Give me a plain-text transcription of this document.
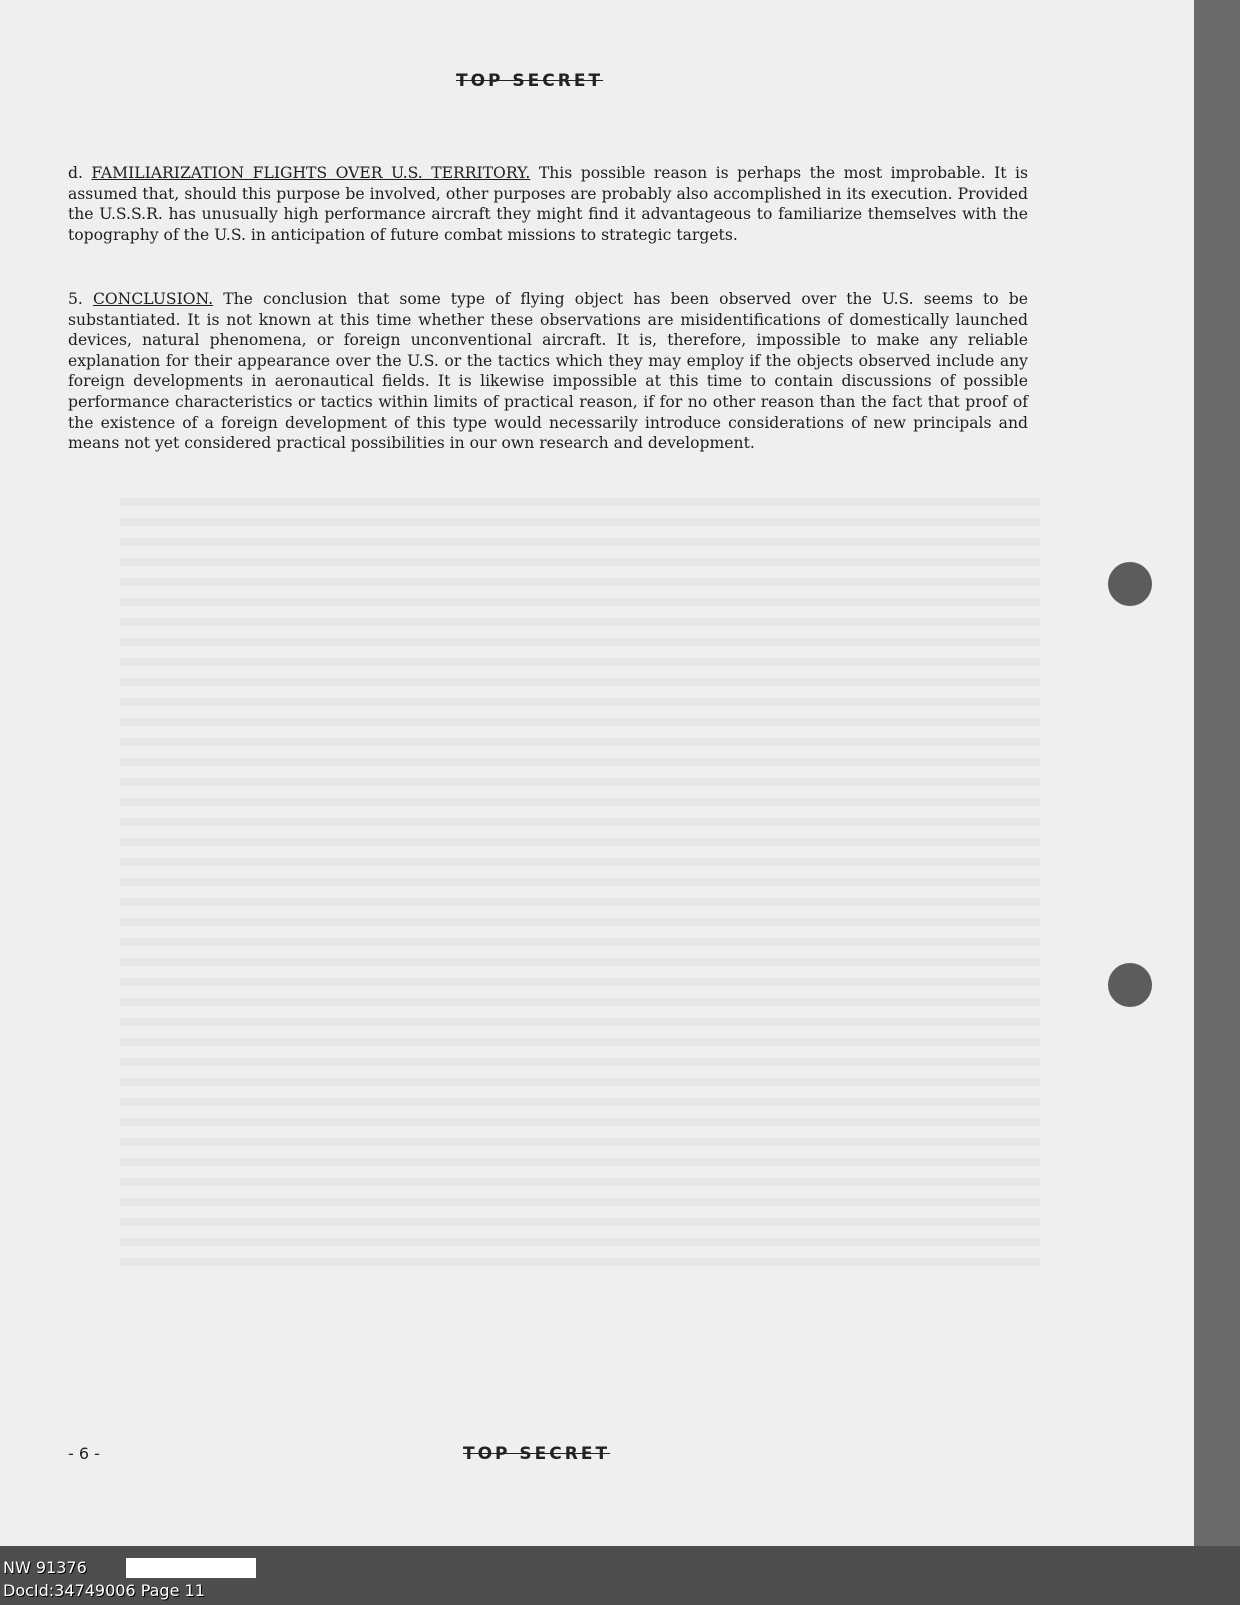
TOP SECRET

d. FAMILIARIZATION FLIGHTS OVER U.S. TERRITORY. This possible reason is perhaps the most improbable. It is assumed that, should this purpose be involved, other purposes are probably also accomplished in its execution. Provided the U.S.S.R. has unusually high performance aircraft they might find it advantageous to familiarize themselves with the topography of the U.S. in anticipation of future combat missions to strategic targets.

5. CONCLUSION. The conclusion that some type of flying object has been observed over the U.S. seems to be substantiated. It is not known at this time whether these observations are misidentifications of domestically launched devices, natural phenomena, or foreign unconventional aircraft. It is, therefore, impossible to make any reliable explanation for their appearance over the U.S. or the tactics which they may employ if the objects observed include any foreign developments in aeronautical fields. It is likewise impossible at this time to contain discussions of possible performance characteristics or tactics within limits of practical reason, if for no other reason than the fact that proof of the existence of a foreign development of this type would necessarily introduce considerations of new principals and means not yet considered practical possibilities in our own research and development.

- 6 -	TOP SECRET
NW 91376
DocId:34749006 Page 11
